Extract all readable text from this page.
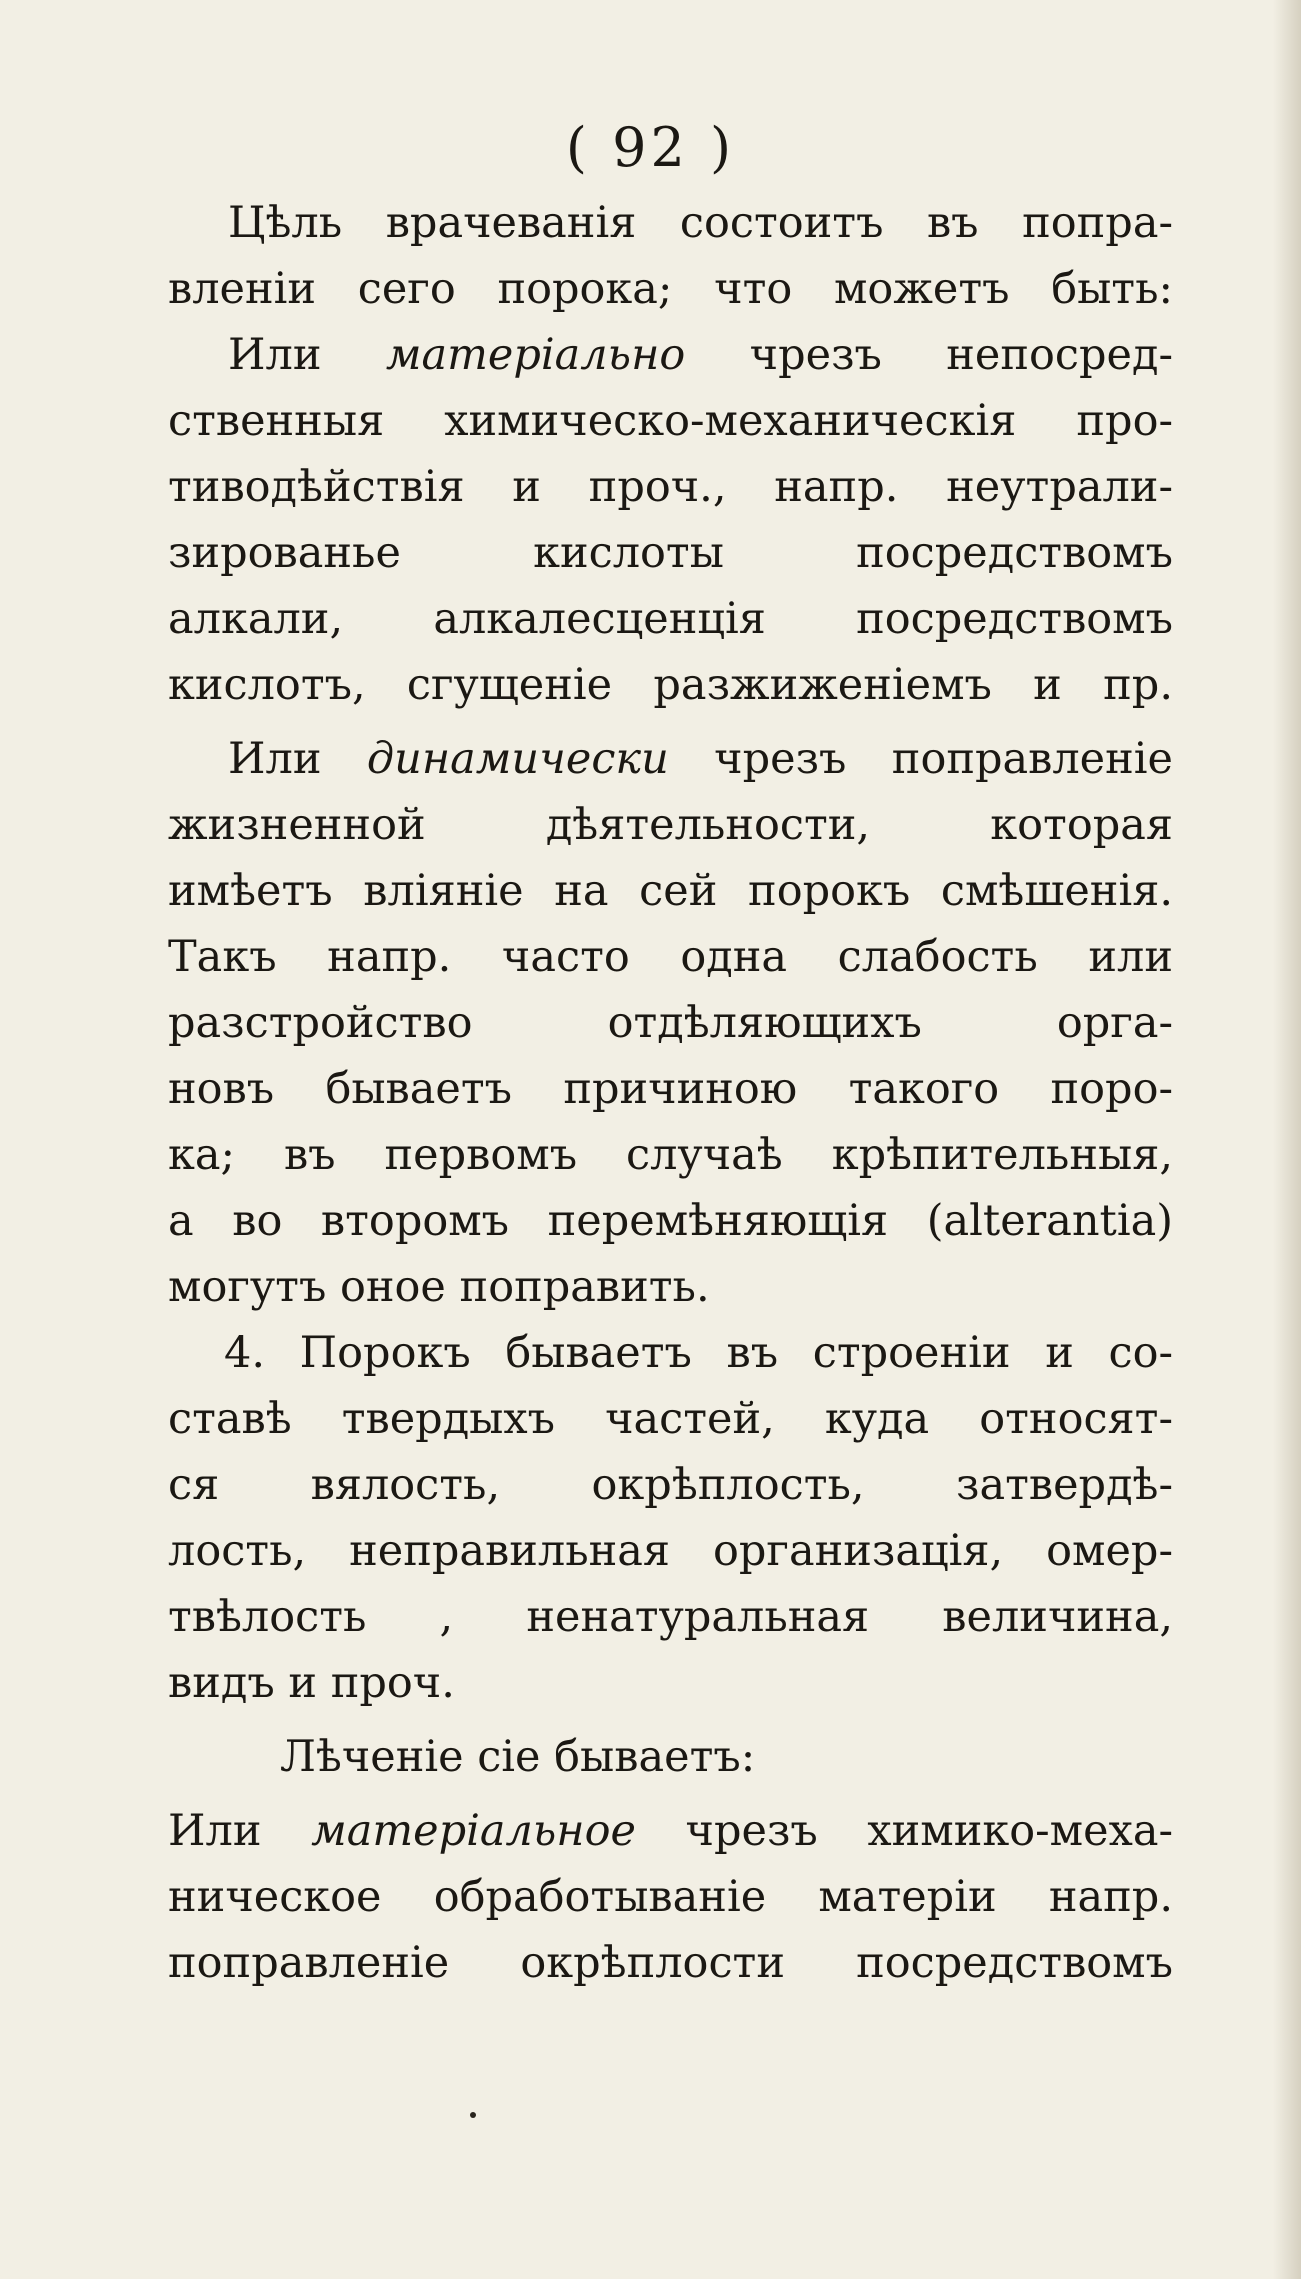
( 92 )
Цѣль врачеванія состоитъ въ попра-
вленіи сего порока; что можетъ быть:
Или матеріально чрезъ непосред-
ственныя химическо-механическія про-
тиводѣйствія и проч., напр. неутрали-
зированье кислоты посредствомъ
алкали, алкалесценція посредствомъ
кислотъ, сгущеніе разжиженіемъ и пр.
Или динамически чрезъ поправленіе
жизненной дѣятельности, которая
имѣетъ вліяніе на сей порокъ смѣшенія.
Такъ напр. часто одна слабость или
разстройство отдѣляющихъ орга-
новъ бываетъ причиною такого поро-
ка; въ первомъ случаѣ крѣпительныя,
а во второмъ перемѣняющія (alterantia)
могутъ оное поправить.
4. Порокъ бываетъ въ строеніи и со-
ставѣ твердыхъ частей, куда относят-
ся вялость, окрѣплость, затвердѣ-
лость, неправильная организація, омер-
твѣлость , ненатуральная величина,
видъ и проч.
Лѣченіе сіе бываетъ:
Или матеріальное чрезъ химико-меха-
ническое обработываніе матеріи напр.
поправленіе окрѣплости посредствомъ
